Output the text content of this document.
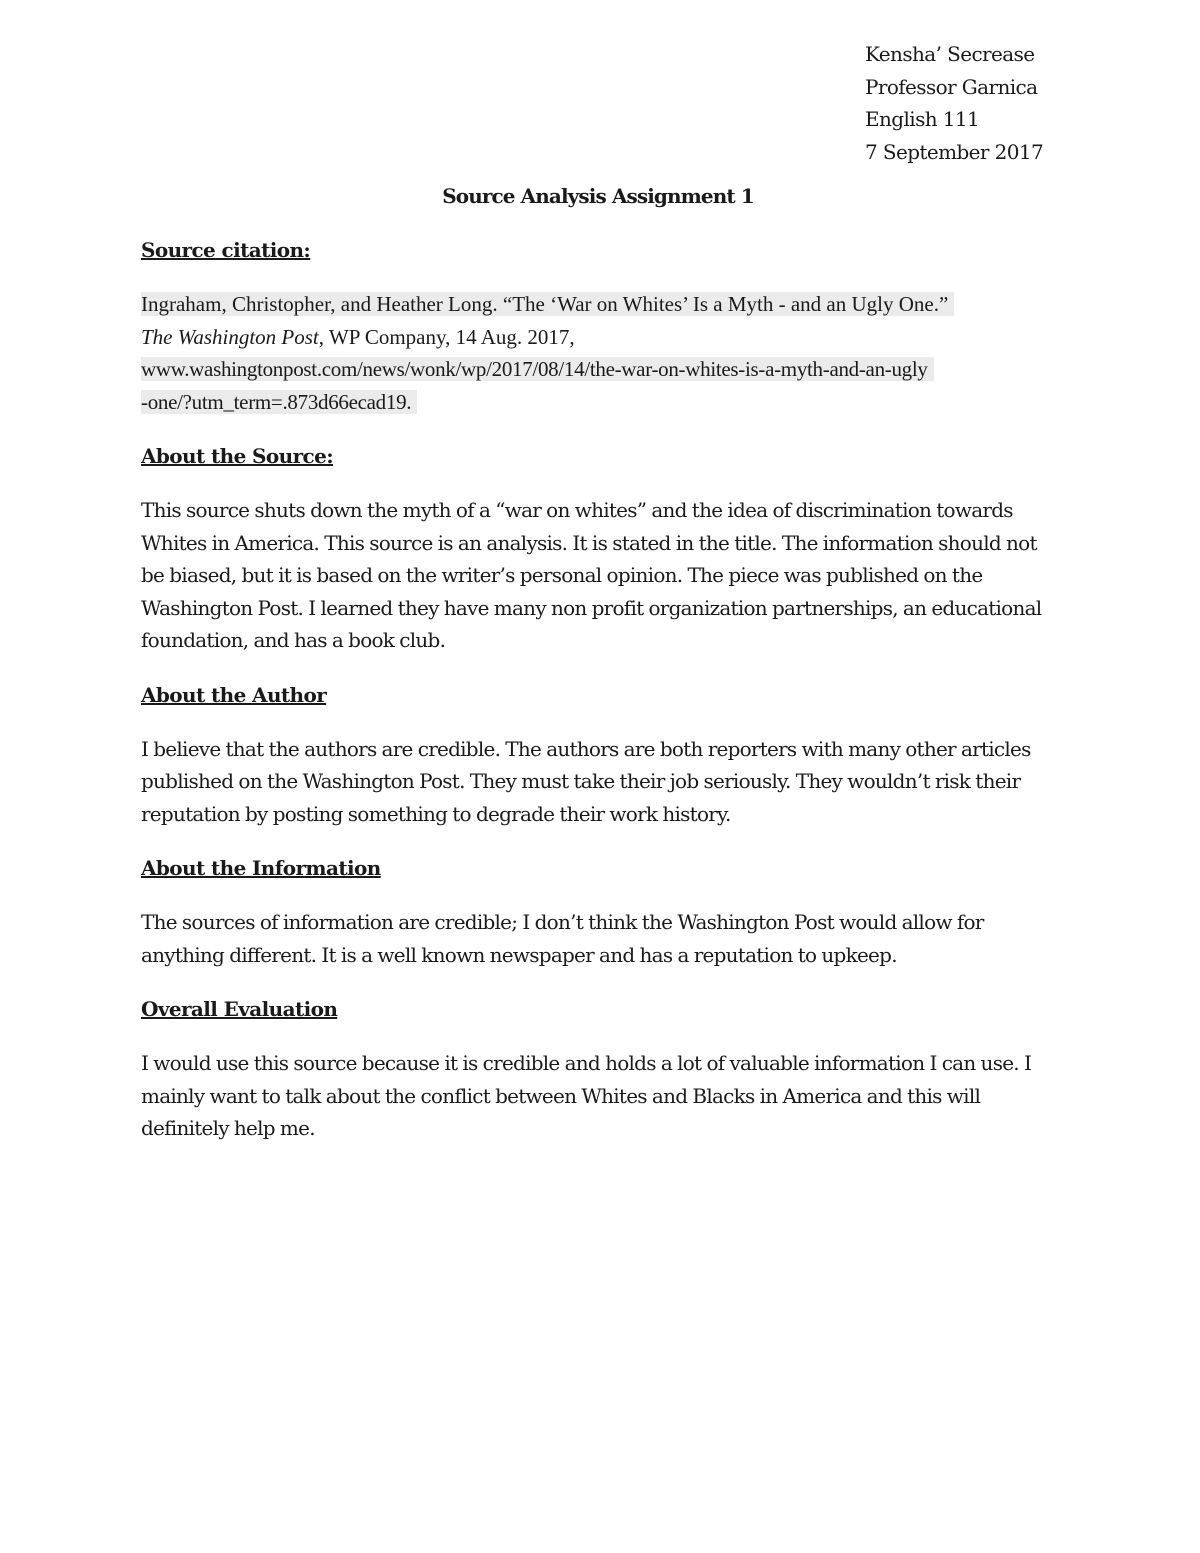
Kensha’ Secrease
Professor Garnica
English 111
7 September 2017
Source Analysis Assignment 1
Source citation:
Ingraham, Christopher, and Heather Long. “The ‘War on Whites’ Is a Myth - and an Ugly One.”
The Washington Post, WP Company, 14 Aug. 2017,
www.washingtonpost.com/news/wonk/wp/2017/08/14/the-war-on-whites-is-a-myth-and-an-ugly
-one/?utm_term=.873d66ecad19.
About the Source:
This source shuts down the myth of a “war on whites” and the idea of discrimination towards
Whites in America. This source is an analysis. It is stated in the title. The information should not
be biased, but it is based on the writer’s personal opinion. The piece was published on the
Washington Post. I learned they have many non profit organization partnerships, an educational
foundation, and has a book club.
About the Author
I believe that the authors are credible. The authors are both reporters with many other articles
published on the Washington Post. They must take their job seriously. They wouldn’t risk their
reputation by posting something to degrade their work history.
About the Information
The sources of information are credible; I don’t think the Washington Post would allow for
anything different. It is a well known newspaper and has a reputation to upkeep.
Overall Evaluation
I would use this source because it is credible and holds a lot of valuable information I can use. I
mainly want to talk about the conflict between Whites and Blacks in America and this will
definitely help me.
